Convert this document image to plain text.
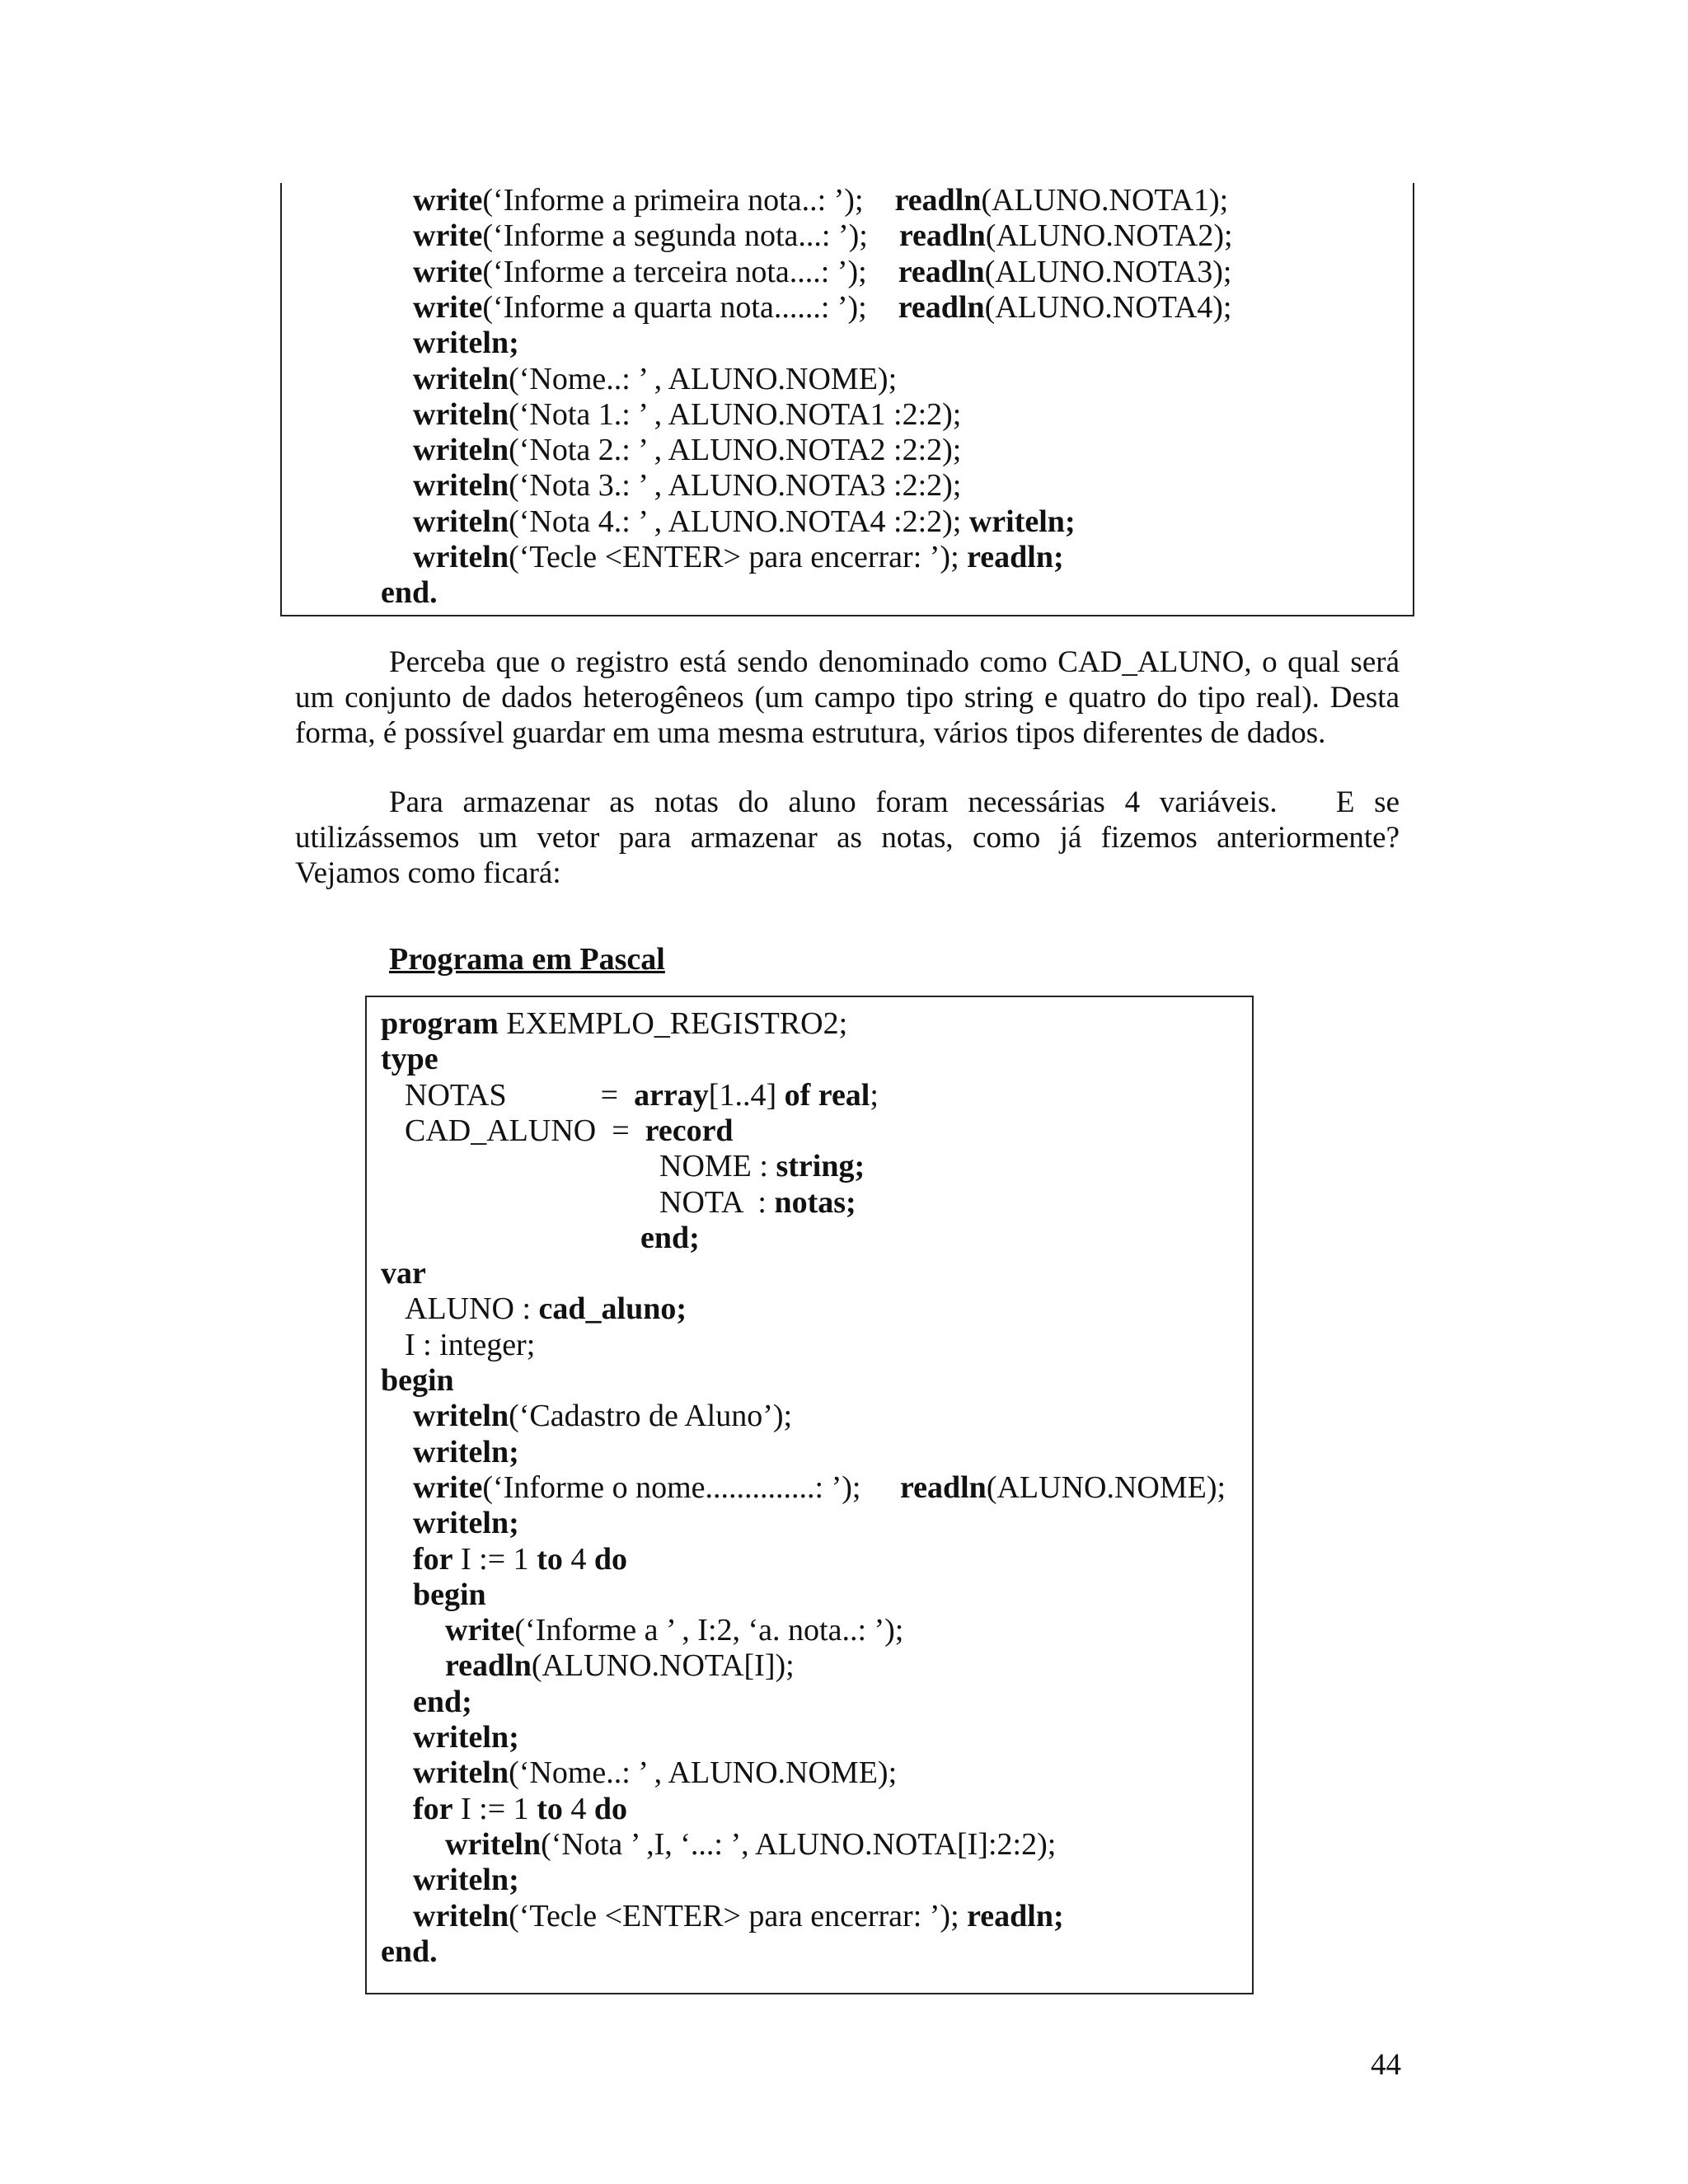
write(‘Informe a primeira nota..: ’);    readln(ALUNO.NOTA1);
write(‘Informe a segunda nota...: ’);    readln(ALUNO.NOTA2);
write(‘Informe a terceira nota....: ’);    readln(ALUNO.NOTA3);
write(‘Informe a quarta nota......: ’);    readln(ALUNO.NOTA4);
writeln;
writeln(‘Nome..: ’ , ALUNO.NOME);
writeln(‘Nota 1.: ’ , ALUNO.NOTA1 :2:2);
writeln(‘Nota 2.: ’ , ALUNO.NOTA2 :2:2);
writeln(‘Nota 3.: ’ , ALUNO.NOTA3 :2:2);
writeln(‘Nota 4.: ’ , ALUNO.NOTA4 :2:2); writeln;
writeln(‘Tecle <ENTER> para encerrar: ’); readln;
end.
Perceba que o registro está sendo denominado como CAD_ALUNO, o qual será
um conjunto de dados heterogêneos (um campo tipo string e quatro do tipo real). Desta
forma, é possível guardar em uma mesma estrutura, vários tipos diferentes de dados.
Para armazenar as notas do aluno foram necessárias 4 variáveis.   E se
utilizássemos um vetor para armazenar as notas, como já fizemos anteriormente?
Vejamos como ficará:
Programa em Pascal
program EXEMPLO_REGISTRO2;
type
NOTAS            =  array[1..4] of real;
CAD_ALUNO  =  record
NOME : string;
NOTA  : notas;
end;
var
ALUNO : cad_aluno;
I : integer;
begin
writeln(‘Cadastro de Aluno’);
writeln;
write(‘Informe o nome..............: ’);     readln(ALUNO.NOME);
writeln;
for I := 1 to 4 do
begin
write(‘Informe a ’ , I:2, ‘a. nota..: ’);
readln(ALUNO.NOTA[I]);
end;
writeln;
writeln(‘Nome..: ’ , ALUNO.NOME);
for I := 1 to 4 do
writeln(‘Nota ’ ,I, ‘...: ’, ALUNO.NOTA[I]:2:2);
writeln;
writeln(‘Tecle <ENTER> para encerrar: ’); readln;
end.
44
